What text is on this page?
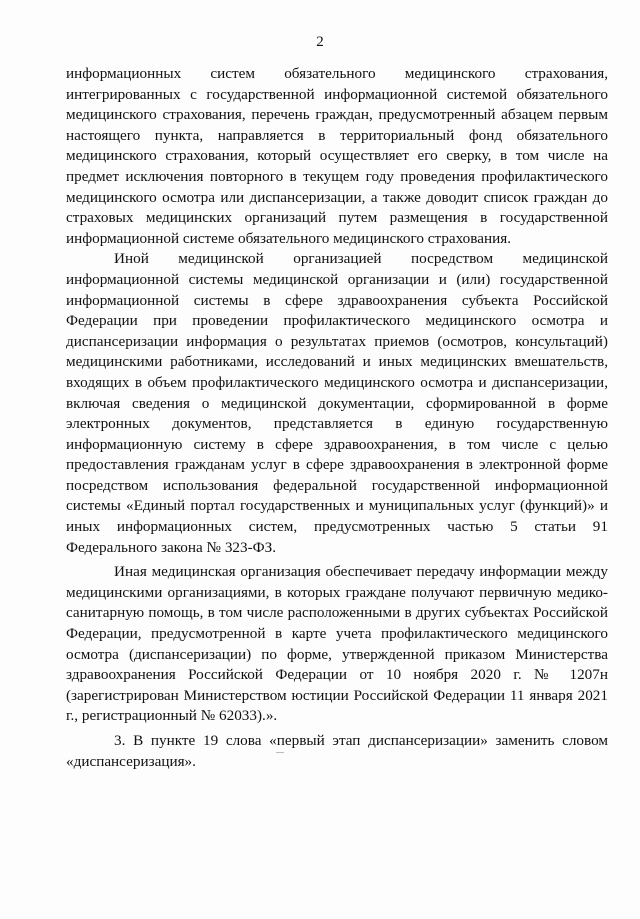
2

информационных систем обязательного медицинского страхования, интегрированных с государственной информационной системой обязательного медицинского страхования, перечень граждан, предусмотренный абзацем первым настоящего пункта, направляется в территориальный фонд обязательного медицинского страхования, который осуществляет его сверку, в том числе на предмет исключения повторного в текущем году проведения профилактического медицинского осмотра или диспансеризации, а также доводит список граждан до страховых медицинских организаций путем размещения в государственной информационной системе обязательного медицинского страхования.

Иной медицинской организацией посредством медицинской информационной системы медицинской организации и (или) государственной информационной системы в сфере здравоохранения субъекта Российской Федерации при проведении профилактического медицинского осмотра и диспансеризации информация о результатах приемов (осмотров, консультаций) медицинскими работниками, исследований и иных медицинских вмешательств, входящих в объем профилактического медицинского осмотра и диспансеризации, включая сведения о медицинской документации, сформированной в форме электронных документов, представляется в единую государственную информационную систему в сфере здравоохранения, в том числе с целью предоставления гражданам услуг в сфере здравоохранения в электронной форме посредством использования федеральной государственной информационной системы «Единый портал государственных и муниципальных услуг (функций)» и иных информационных систем, предусмотренных частью 5 статьи 91 Федерального закона № 323-ФЗ.

Иная медицинская организация обеспечивает передачу информации между медицинскими организациями, в которых граждане получают первичную медико-санитарную помощь, в том числе расположенными в других субъектах Российской Федерации, предусмотренной в карте учета профилактического медицинского осмотра (диспансеризации) по форме, утвержденной приказом Министерства здравоохранения Российской Федерации от 10 ноября 2020 г. № 1207н (зарегистрирован Министерством юстиции Российской Федерации 11 января 2021 г., регистрационный № 62033).».

3. В пункте 19 слова «первый этап диспансеризации» заменить словом «диспансеризация».
